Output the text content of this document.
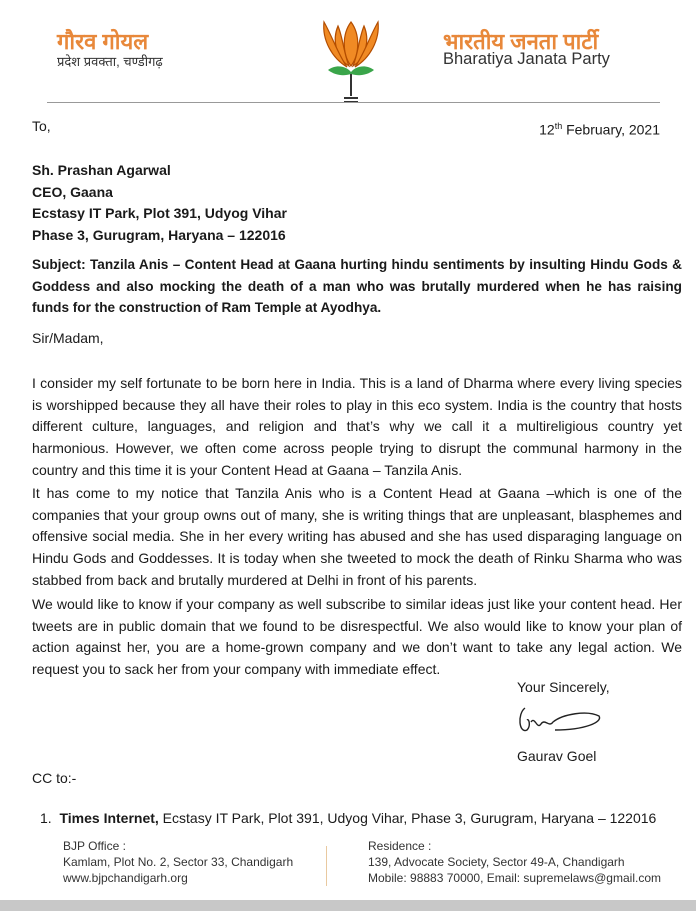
गौरव गोयल
प्रदेश प्रवक्ता, चण्डीगढ़
भारतीय जनता पार्टी
Bharatiya Janata Party
To,	12th February, 2021
Sh. Prashan Agarwal
CEO, Gaana
Ecstasy IT Park, Plot 391, Udyog Vihar
Phase 3, Gurugram, Haryana – 122016
Subject: Tanzila Anis – Content Head at Gaana hurting hindu sentiments by insulting Hindu Gods & Goddess and also mocking the death of a man who was brutally murdered when he has raising funds for the construction of Ram Temple at Ayodhya.
Sir/Madam,
I consider my self fortunate to be born here in India. This is a land of Dharma where every living species is worshipped because they all have their roles to play in this eco system. India is the country that hosts different culture, languages, and religion and that’s why we call it a multireligious country yet harmonious. However, we often come across people trying to disrupt the communal harmony in the country and this time it is your Content Head at Gaana – Tanzila Anis.
It has come to my notice that Tanzila Anis who is a Content Head at Gaana –which is one of the companies that your group owns out of many, she is writing things that are unpleasant, blasphemes and offensive social media. She in her every writing has abused and she has used disparaging language on Hindu Gods and Goddesses. It is today when she tweeted to mock the death of Rinku Sharma who was stabbed from back and brutally murdered at Delhi in front of his parents.
We would like to know if your company as well subscribe to similar ideas just like your content head. Her tweets are in public domain that we found to be disrespectful. We also would like to know your plan of action against her, you are a home-grown company and we don’t want to take any legal action. We request you to sack her from your company with immediate effect.
Your Sincerely,
Gaurav Goel
CC to:-
1. Times Internet, Ecstasy IT Park, Plot 391, Udyog Vihar, Phase 3, Gurugram, Haryana – 122016
BJP Office :
Kamlam, Plot No. 2, Sector 33, Chandigarh
www.bjpchandigarh.org
Residence :
139, Advocate Society, Sector 49-A, Chandigarh
Mobile: 98883 70000, Email: supremelaws@gmail.com
